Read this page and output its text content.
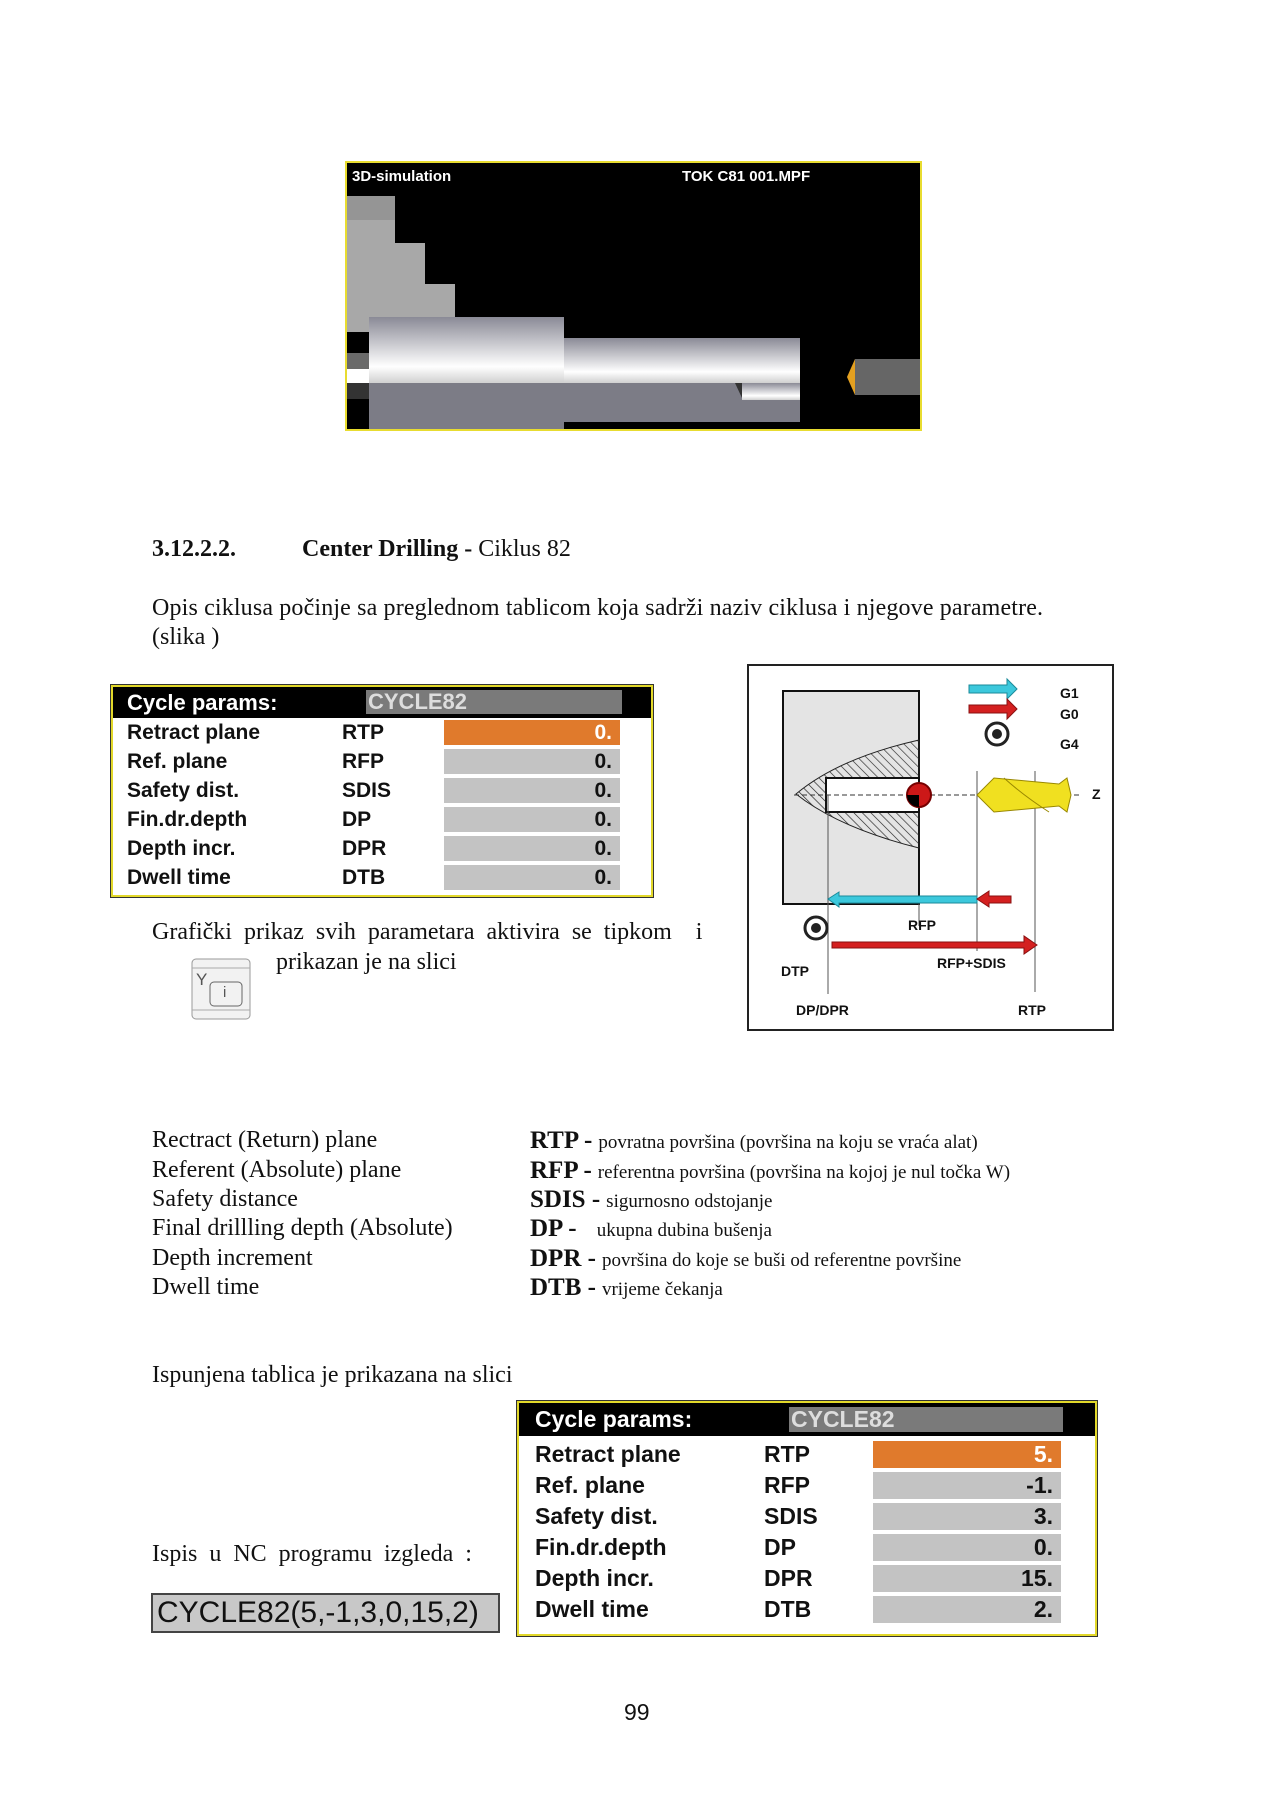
3D-simulation	TOK C81 001.MPF
3.12.2.2.	Center Drilling - Ciklus 82
Opis ciklusa počinje sa preglednom tablicom koja sadrži naziv ciklusa i njegove parametre.
(slika )
Cycle params:	CYCLE82
Retract plane	RTP	0.
Ref. plane	RFP	0.
Safety dist.	SDIS	0.
Fin.dr.depth	DP	0.
Depth incr.	DPR	0.
Dwell time	DTB	0.
Grafički  prikaz  svih  parametara  aktivira  se  tipkom    i
prikazan je na slici
Y
i
G1
G0
G4
Z
RFP
RFP+SDIS
DTP
DP/DPR	RTP
Rectract (Return) plane	RTP - povratna površina (površina na koju se vraća alat)
Referent (Absolute) plane	RFP - referentna površina (površina na kojoj je nul točka W)
Safety distance	SDIS - sigurnosno odstojanje
Final drillling depth (Absolute)	DP -    ukupna dubina bušenja
Depth increment	DPR - površina do koje se buši od referentne površine
Dwell time	DTB - vrijeme čekanja
Ispunjena tablica je prikazana na slici
Cycle params:	CYCLE82
Retract plane	RTP	5.
Ref. plane	RFP	-1.
Safety dist.	SDIS	3.
Fin.dr.depth	DP	0.
Depth incr.	DPR	15.
Dwell time	DTB	2.
Ispis  u  NC  programu  izgleda  :
CYCLE82(5,-1,3,0,15,2)
99
